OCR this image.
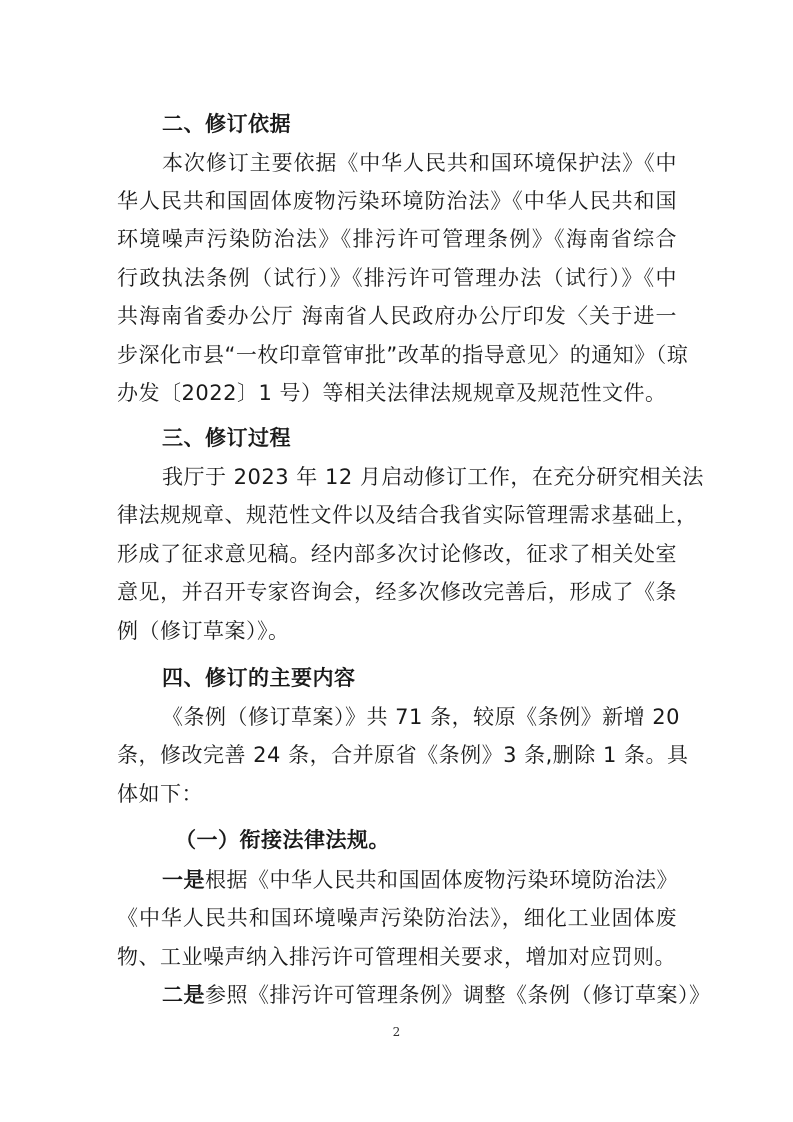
二、修订依据
本次修订主要依据《中华人民共和国环境保护法》《中
华人民共和国固体废物污染环境防治法》《中华人民共和国
环境噪声污染防治法》《排污许可管理条例》《海南省综合
行政执法条例（试行）》《排污许可管理办法（试行）》《中
共海南省委办公厅 海南省人民政府办公厅印发〈关于进一
步深化市县“一枚印章管审批”改革的指导意见〉的通知》（琼
办发〔2022〕1 号）等相关法律法规规章及规范性文件。
三、修订过程
我厅于 2023 年 12 月启动修订工作，在充分研究相关法
律法规规章、规范性文件以及结合我省实际管理需求基础上，
形成了征求意见稿。经内部多次讨论修改，征求了相关处室
意见，并召开专家咨询会，经多次修改完善后，形成了《条
例（修订草案）》。
四、修订的主要内容
《条例（修订草案）》共 71 条，较原《条例》新增 20
条，修改完善 24 条，合并原省《条例》3 条,删除 1 条。具
体如下：
（一）衔接法律法规。
一是根据《中华人民共和国固体废物污染环境防治法》
《中华人民共和国环境噪声污染防治法》，细化工业固体废
物、工业噪声纳入排污许可管理相关要求，增加对应罚则。
二是参照《排污许可管理条例》调整《条例（修订草案）》
2
